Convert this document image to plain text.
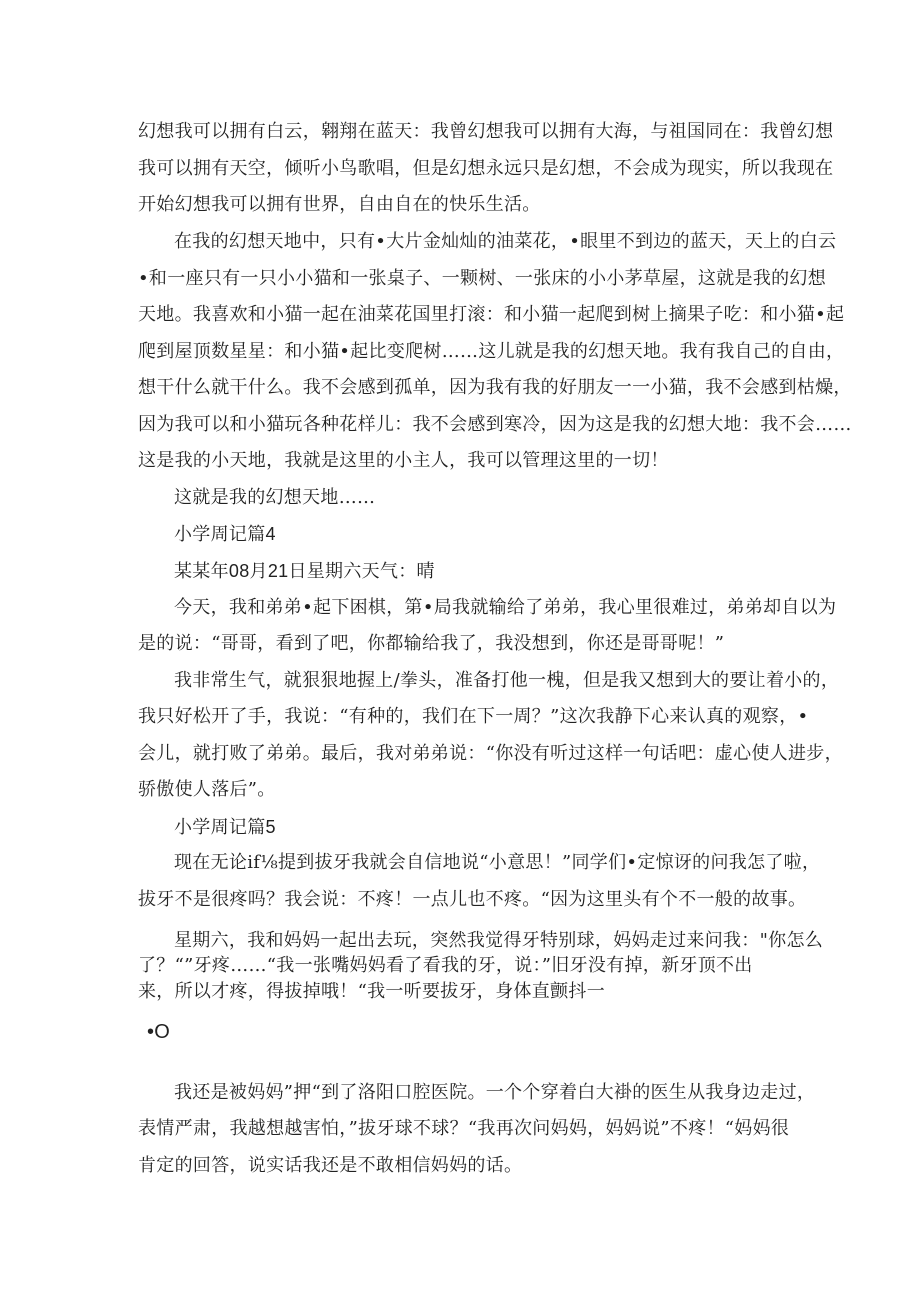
幻想我可以拥有白云，翱翔在蓝天：我曾幻想我可以拥有大海，与祖国同在：我曾幻想
我可以拥有天空，倾听小鸟歌唱，但是幻想永远只是幻想，不会成为现实，所以我现在
开始幻想我可以拥有世界，自由自在的快乐生活。
在我的幻想天地中，只有•大片金灿灿的油菜花，•眼里不到边的蓝天，天上的白云
•和一座只有一只小小猫和一张桌子、一颗树、一张床的小小茅草屋，这就是我的幻想
天地。我喜欢和小猫一起在油菜花国里打滚：和小猫一起爬到树上摘果子吃：和小猫•起
爬到屋顶数星星：和小猫•起比变爬树……这儿就是我的幻想天地。我有我自己的自由，
想干什么就干什么。我不会感到孤单，因为我有我的好朋友一一小猫，我不会感到枯燥，
因为我可以和小猫玩各种花样儿：我不会感到寒冷，因为这是我的幻想大地：我不会……
这是我的小天地，我就是这里的小主人，我可以管理这里的一切！
这就是我的幻想天地……
小学周记篇4
某某年08月21日星期六天气：晴
今天，我和弟弟•起下困棋，第•局我就输给了弟弟，我心里很难过，弟弟却自以为
是的说：“哥哥，看到了吧，你都输给我了，我没想到，你还是哥哥呢！”
我非常生气，就狠狠地握上/拳头，准备打他一槐，但是我又想到大的要让着小的，
我只好松开了手，我说：“有种的，我们在下一周？”这次我静下心来认真的观察，•
会儿，就打败了弟弟。最后，我对弟弟说：“你没有听过这样一句话吧：虚心使人进步，
骄傲使人落后”。
小学周记篇5
现在无论if⅛提到拔牙我就会自信地说“小意思！”同学们•定惊讶的问我怎了啦，
拔牙不是很疼吗？我会说：不疼！一点儿也不疼。“因为这里头有个不一般的故事。
星期六，我和妈妈一起出去玩，突然我觉得牙特别球，妈妈走过来问我："你怎么
了？“”牙疼……“我一张嘴妈妈看了看我的牙，说：”旧牙没有掉，新牙顶不出
来，所以才疼，得拔掉哦！“我一听要拔牙，身体直颤抖一
•O
我还是被妈妈”押“到了洛阳口腔医院。一个个穿着白大褂的医生从我身边走过，
表情严肃，我越想越害怕，”拔牙球不球？“我再次问妈妈，妈妈说”不疼！“妈妈很
肯定的回答，说实话我还是不敢相信妈妈的话。
